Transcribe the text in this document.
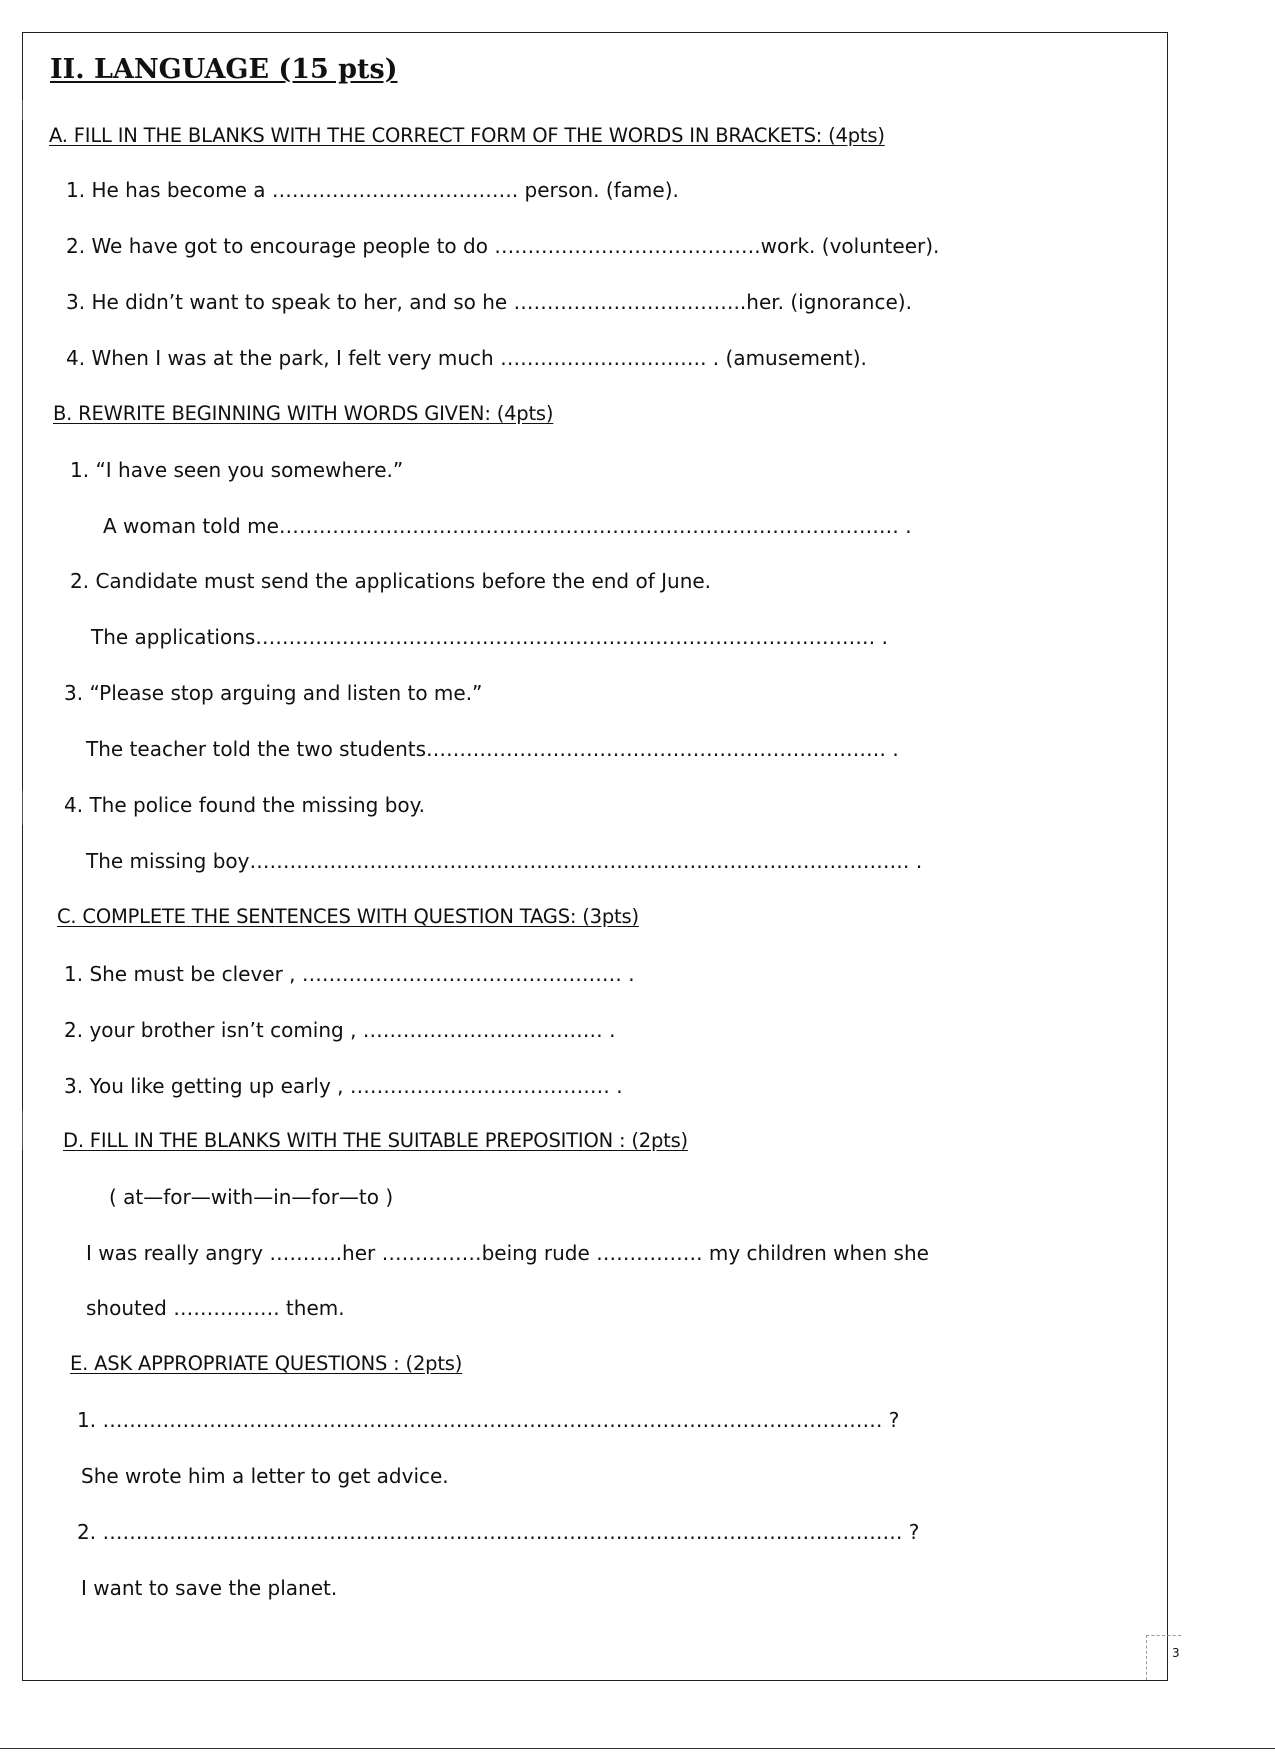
II. LANGUAGE (15 pts)

A. FILL IN THE BLANKS WITH THE CORRECT FORM OF THE WORDS IN BRACKETS: (4pts)

1. He has become a ………………………………. person. (fame).

2. We have got to encourage people to do ………………………………….work. (volunteer).

3. He didn’t want to speak to her, and so he ……………………………..her. (ignorance).

4. When I was at the park, I felt very much …………………………. . (amusement).

B. REWRITE BEGINNING WITH WORDS GIVEN: (4pts)

1. “I have seen you somewhere.”

A woman told me………………………………………………………………………………… .

2. Candidate must send the applications before the end of June.

The applications………………………………………………………………………………… .

3. “Please stop arguing and listen to me.”

The teacher told the two students…………………………………………………………… .

4. The police found the missing boy.

The missing boy……………………………………………………………………………………… .

C. COMPLETE THE SENTENCES WITH QUESTION TAGS: (3pts)

1. She must be clever , ………………………………………… .

2. your brother isn’t coming , ……………………………… .

3. You like getting up early , ………………………………… .

D. FILL IN THE BLANKS WITH THE SUITABLE PREPOSITION : (2pts)

( at—for—with—in—for—to )

I was really angry ………..her ……………being rude ……………. my children when she

shouted ……………. them.

E. ASK APPROPRIATE QUESTIONS : (2pts)

1. ……………………………………………………………………………………………………… ?

She wrote him a letter to get advice.

2. ………………………………………………………………………………………………………… ?

I want to save the planet.

3
